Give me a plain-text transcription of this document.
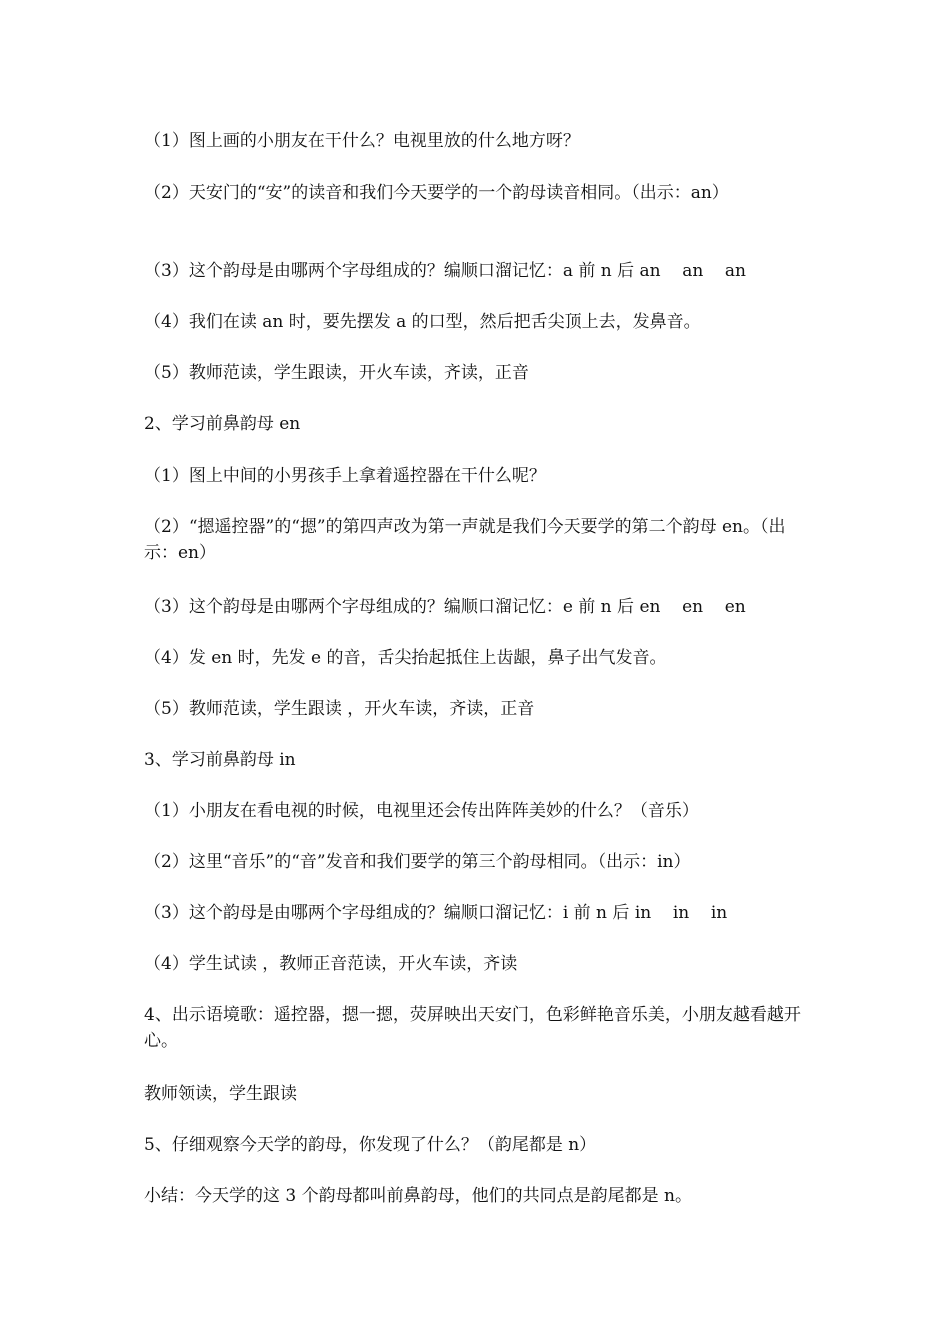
（1）图上画的小朋友在干什么？电视里放的什么地方呀？
（2）天安门的“安”的读音和我们今天要学的一个韵母读音相同。（出示：an）
（3）这个韵母是由哪两个字母组成的？编顺口溜记忆：a 前 n 后 an    an    an
（4）我们在读 an 时，要先摆发 a 的口型，然后把舌尖顶上去，发鼻音。
（5）教师范读，学生跟读，开火车读，齐读，正音
2、学习前鼻韵母 en
（1）图上中间的小男孩手上拿着遥控器在干什么呢？
（2）“摁遥控器”的“摁”的第四声改为第一声就是我们今天要学的第二个韵母 en。（出示：en）
（3）这个韵母是由哪两个字母组成的？编顺口溜记忆：e 前 n 后 en    en    en
（4）发 en 时，先发 e 的音，舌尖抬起抵住上齿龈，鼻子出气发音。
（5）教师范读，学生跟读 ，开火车读，齐读，正音
3、学习前鼻韵母 in
（1）小朋友在看电视的时候，电视里还会传出阵阵美妙的什么？（音乐）
（2）这里“音乐”的“音”发音和我们要学的第三个韵母相同。（出示：in）
（3）这个韵母是由哪两个字母组成的？编顺口溜记忆：i 前 n 后 in    in    in
（4）学生试读 ，教师正音范读，开火车读，齐读
4、出示语境歌：遥控器，摁一摁，荧屏映出天安门，色彩鲜艳音乐美，小朋友越看越开心。
教师领读，学生跟读
5、仔细观察今天学的韵母，你发现了什么？（韵尾都是 n）
小结：今天学的这 3 个韵母都叫前鼻韵母，他们的共同点是韵尾都是 n。
